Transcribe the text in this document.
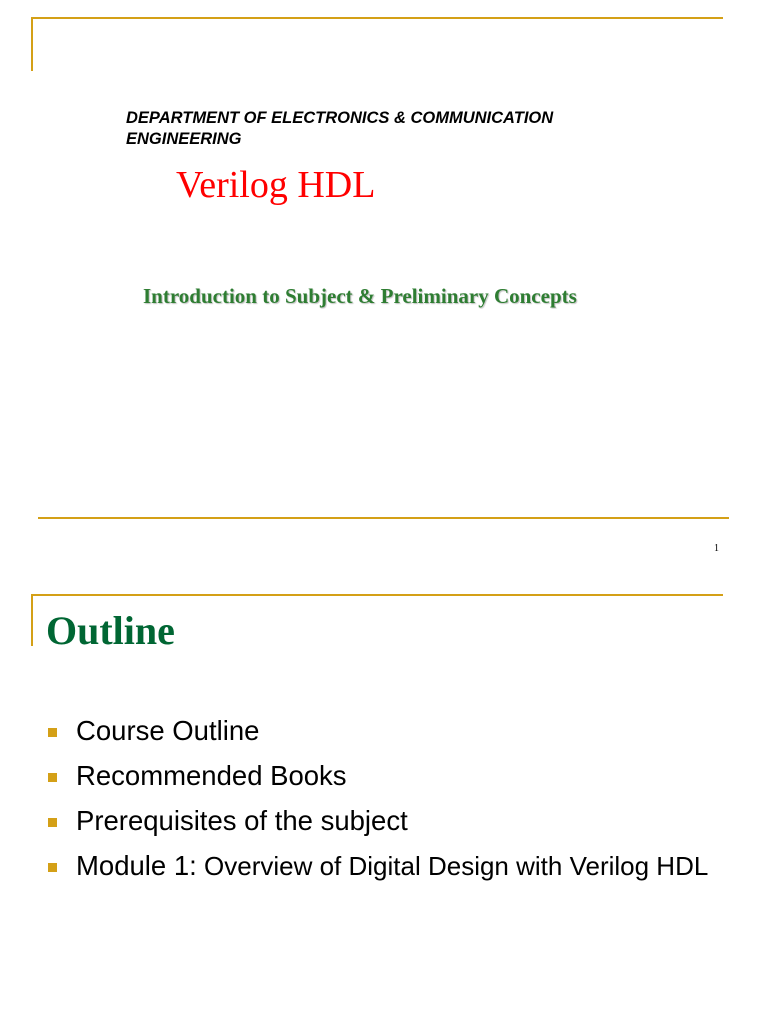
DEPARTMENT OF ELECTRONICS & COMMUNICATION ENGINEERING
Verilog HDL
Introduction to Subject & Preliminary Concepts
1
Outline
Course Outline
Recommended Books
Prerequisites of the subject
Module 1: Overview of Digital Design with Verilog HDL
